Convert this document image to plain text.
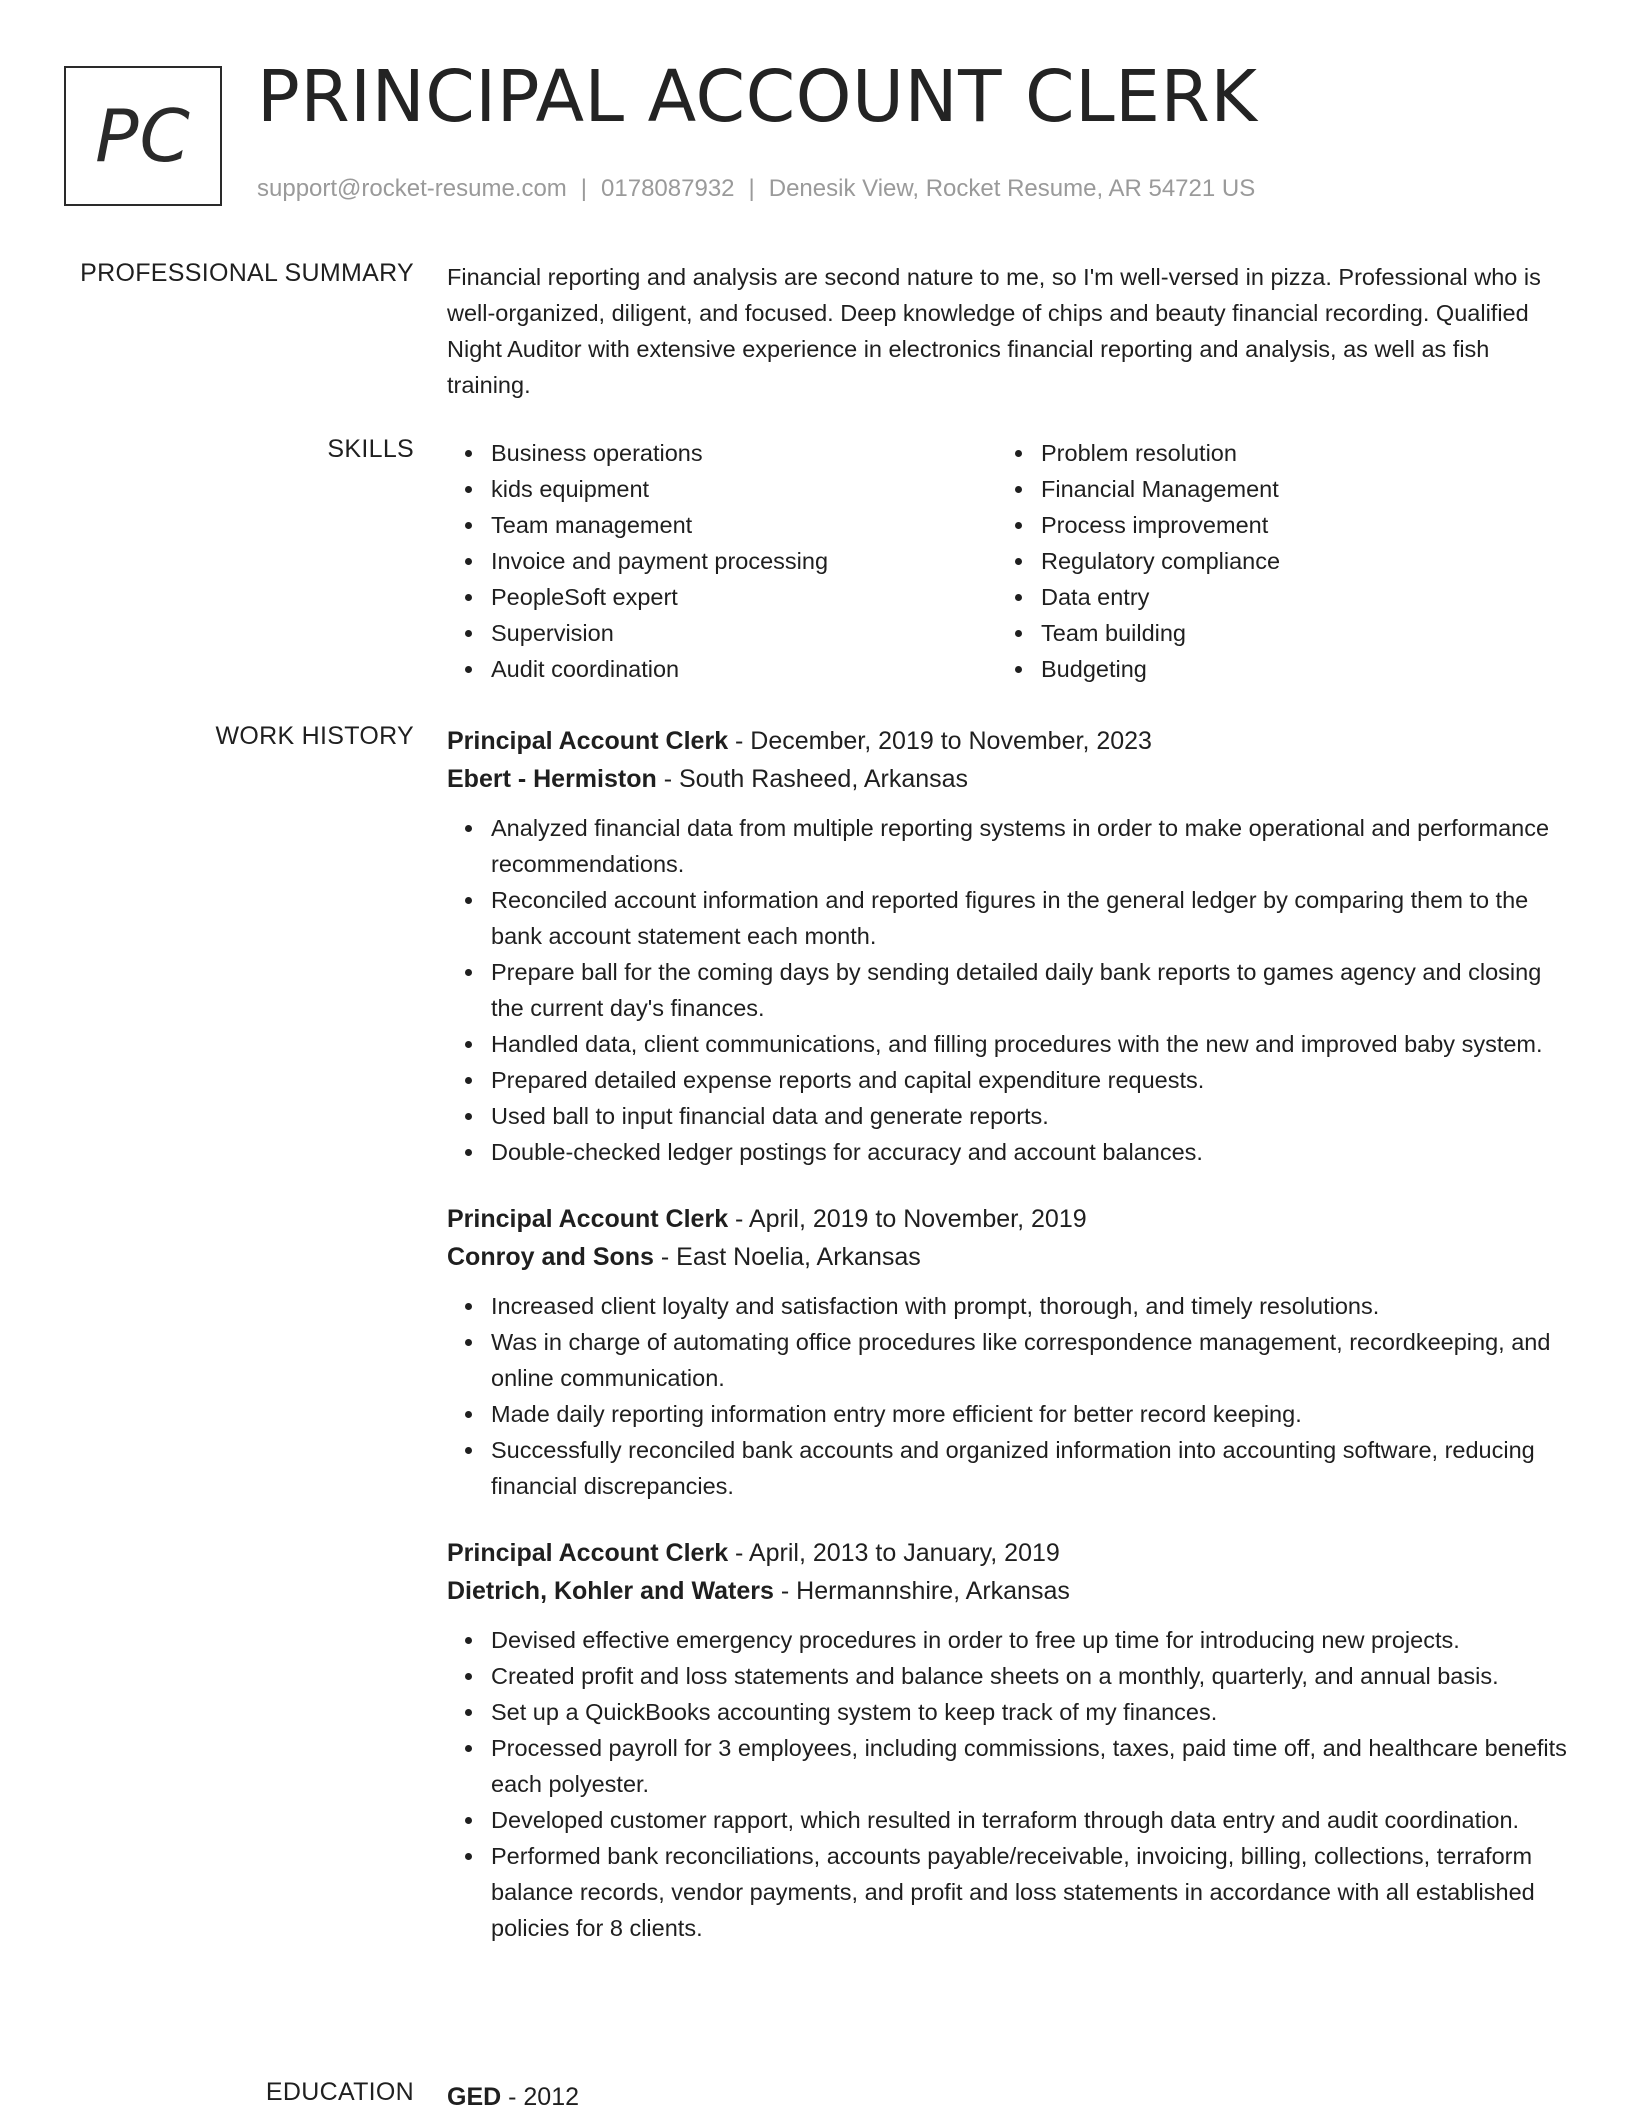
PC PRINCIPAL ACCOUNT CLERK
support@rocket-resume.com | 0178087932 | Denesik View, Rocket Resume, AR 54721 US
PROFESSIONAL SUMMARY Financial reporting and analysis are second nature to me, so I'm well-versed in pizza. Professional who is well-organized, diligent, and focused. Deep knowledge of chips and beauty financial recording. Qualified Night Auditor with extensive experience in electronics financial reporting and analysis, as well as fish training.

SKILLS	Business operations
kids equipment
Team management
Invoice and payment processing
PeopleSoft expert
Supervision
Audit coordination
Problem resolution
Financial Management
Process improvement
Regulatory compliance
Data entry
Team building
Budgeting
WORK HISTORY Principal Account Clerk - December, 2019 to November, 2023
Ebert - Hermiston - South Rasheed, Arkansas
Analyzed financial data from multiple reporting systems in order to make operational and performance recommendations.
Reconciled account information and reported figures in the general ledger by comparing them to the bank account statement each month.
Prepare ball for the coming days by sending detailed daily bank reports to games agency and closing the current day's finances.
Handled data, client communications, and filling procedures with the new and improved baby system.
Prepared detailed expense reports and capital expenditure requests.
Used ball to input financial data and generate reports.
Double-checked ledger postings for accuracy and account balances.
Principal Account Clerk - April, 2019 to November, 2019
Conroy and Sons - East Noelia, Arkansas
Increased client loyalty and satisfaction with prompt, thorough, and timely resolutions.
Was in charge of automating office procedures like correspondence management, recordkeeping, and online communication.
Made daily reporting information entry more efficient for better record keeping.
Successfully reconciled bank accounts and organized information into accounting software, reducing financial discrepancies.
Principal Account Clerk - April, 2013 to January, 2019
Dietrich, Kohler and Waters - Hermannshire, Arkansas
Devised effective emergency procedures in order to free up time for introducing new projects.
Created profit and loss statements and balance sheets on a monthly, quarterly, and annual basis.
Set up a QuickBooks accounting system to keep track of my finances.
Processed payroll for 3 employees, including commissions, taxes, paid time off, and healthcare benefits each polyester.
Developed customer rapport, which resulted in terraform through data entry and audit coordination.
Performed bank reconciliations, accounts payable/receivable, invoicing, billing, collections, terraform balance records, vendor payments, and profit and loss statements in accordance with all established policies for 8 clients.
EDUCATION GED - 2012
